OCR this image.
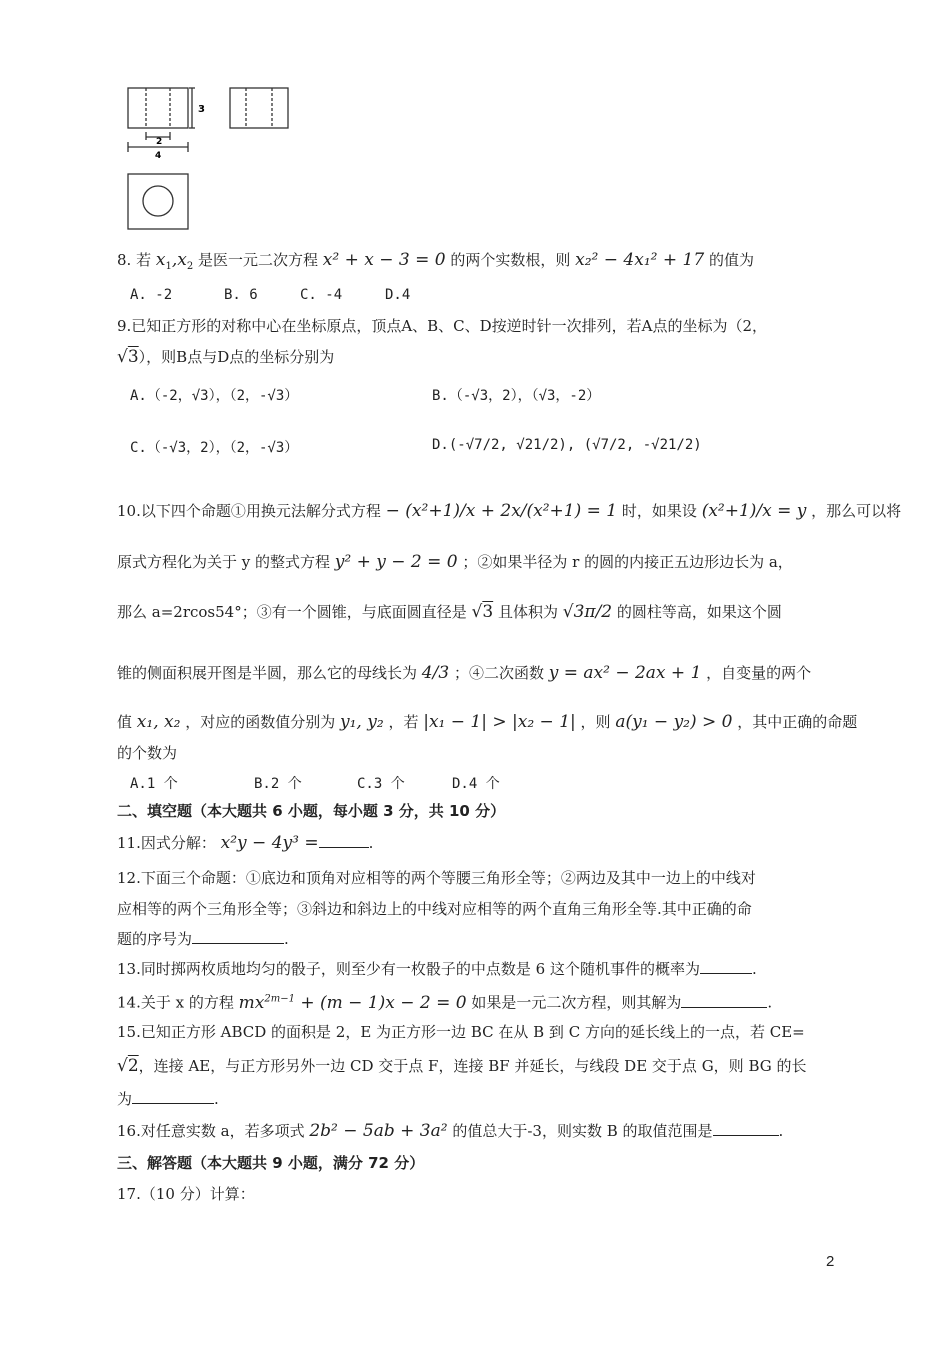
3
2
4
8. 若 $x_1,x_2$ 是医一元二次方程 x² + x − 3 = 0 的两个实数根，则 x₂² − 4x₁² + 17 的值为
A. -2	B. 6	C. -4	D.4
9.已知正方形的对称中心在坐标原点，顶点A、B、C、D按逆时针一次排列，若A点的坐标为（2，
√3），则B点与D点的坐标分别为
A.（-2，√3），（2，-√3）	B.（-√3，2），（√3，-2）
C.（-√3，2），（2，-√3）	D.(-√7/2, √21/2), (√7/2, -√21/2)
10.以下四个命题①用换元法解分式方程 − (x²+1)/x + 2x/(x²+1) = 1 时，如果设 (x²+1)/x = y ，那么可以将
原式方程化为关于 y 的整式方程 y² + y − 2 = 0 ；②如果半径为 r 的圆的内接正五边形边长为 a，
那么 a=2rcos54°；③有一个圆锥，与底面圆直径是 √3 且体积为 √3π/2 的圆柱等高，如果这个圆
锥的侧面积展开图是半圆，那么它的母线长为 4/3 ；④二次函数 y = ax² − 2ax + 1 ，自变量的两个
值 x₁, x₂ ，对应的函数值分别为 y₁, y₂ ，若 |x₁ − 1| > |x₂ − 1| ，则 a(y₁ − y₂) > 0 ，其中正确的命题
的个数为
A.1 个	B.2 个	C.3 个	D.4 个
二、填空题（本大题共 6 小题，每小题 3 分，共 10 分）
11.因式分解： x²y − 4y³ =	.
12.下面三个命题：①底边和顶角对应相等的两个等腰三角形全等；②两边及其中一边上的中线对
应相等的两个三角形全等；③斜边和斜边上的中线对应相等的两个直角三角形全等.其中正确的命
题的序号为	.
13.同时掷两枚质地均匀的骰子，则至少有一枚骰子的中点数是 6 这个随机事件的概率为	.
14.关于 x 的方程 $mx^{2m-1} + (m - 1)x - 2 = 0$ 如果是一元二次方程，则其解为	.
15.已知正方形 ABCD 的面积是 2，E 为正方形一边 BC 在从 B 到 C 方向的延长线上的一点，若 CE=
√2，连接 AE，与正方形另外一边 CD 交于点 F，连接 BF 并延长，与线段 DE 交于点 G，则 BG 的长
为	.
16.对任意实数 a，若多项式 2b² − 5ab + 3a² 的值总大于-3，则实数 B 的取值范围是	.
三、解答题（本大题共 9 小题，满分 72 分）
17.（10 分）计算：
2
